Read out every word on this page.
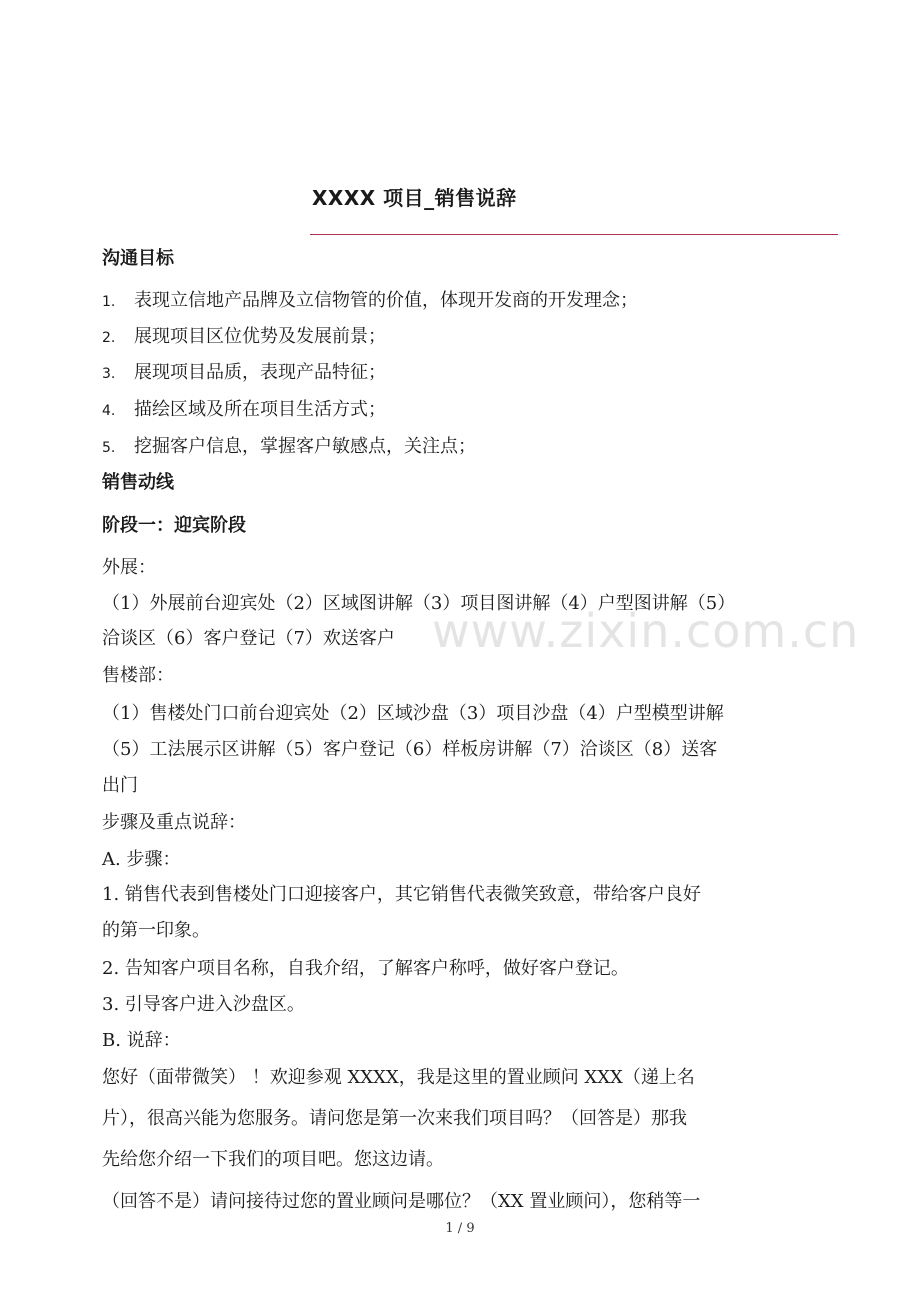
XXXX 项目_销售说辞
沟通目标
1. 表现立信地产品牌及立信物管的价值，体现开发商的开发理念；
2. 展现项目区位优势及发展前景；
3. 展现项目品质，表现产品特征；
4. 描绘区域及所在项目生活方式；
5. 挖掘客户信息，掌握客户敏感点，关注点；
销售动线
阶段一：迎宾阶段
外展：
（1）外展前台迎宾处（2）区域图讲解（3）项目图讲解（4）户型图讲解（5）
洽谈区（6）客户登记（7）欢送客户
售楼部：
（1）售楼处门口前台迎宾处（2）区域沙盘（3）项目沙盘（4）户型模型讲解
（5）工法展示区讲解（5）客户登记（6）样板房讲解（7）洽谈区（8）送客
出门
步骤及重点说辞：
A. 步骤：
1. 销售代表到售楼处门口迎接客户，其它销售代表微笑致意，带给客户良好
的第一印象。
2. 告知客户项目名称，自我介绍，了解客户称呼，做好客户登记。
3. 引导客户进入沙盘区。
B. 说辞：
您好（面带微笑） ！欢迎参观 XXXX，我是这里的置业顾问 XXX（递上名
片），很高兴能为您服务。请问您是第一次来我们项目吗？（回答是）那我
先给您介绍一下我们的项目吧。您这边请。
（回答不是）请问接待过您的置业顾问是哪位？（XX 置业顾问），您稍等一
www.zixin.com.cn
1 / 9
